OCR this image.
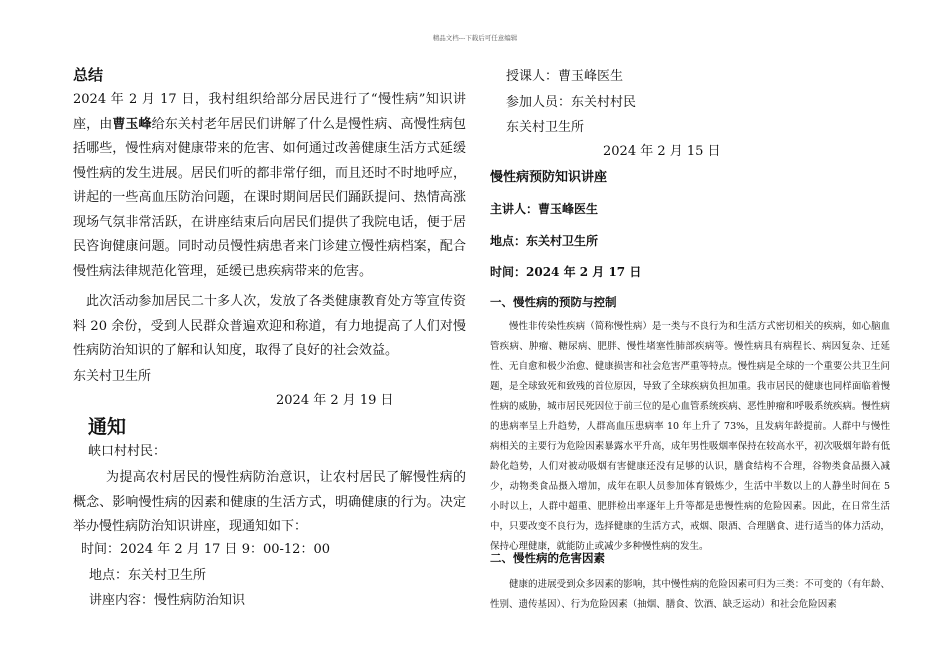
精品文档---下载后可任意编辑
总结

2024 年 2 月 17 日，我村组织给部分居民进行了“慢性病”知识讲座，由曹玉峰给东关村老年居民们讲解了什么是慢性病、高慢性病包括哪些，慢性病对健康带来的危害、如何通过改善健康生活方式延缓慢性病的发生进展。居民们听的都非常仔细，而且还时不时地呼应，讲起的一些高血压防治问题，在课时期间居民们踊跃提问、热情高涨现场气氛非常活跃，在讲座结束后向居民们提供了我院电话，便于居民咨询健康问题。同时动员慢性病患者来门诊建立慢性病档案，配合慢性病法律规范化管理，延缓已患疾病带来的危害。

此次活动参加居民二十多人次，发放了各类健康教育处方等宣传资料 20 余份，受到人民群众普遍欢迎和称道，有力地提高了人们对慢性病防治知识的了解和认知度，取得了良好的社会效益。

东关村卫生所
2024 年 2 月 19 日
通知
峡口村村民：

为提高农村居民的慢性病防治意识，让农村居民了解慢性病的概念、影响慢性病的因素和健康的生活方式，明确健康的行为。决定举办慢性病防治知识讲座，现通知如下：

时间：2024 年 2 月 17 日 9：00-12：00
地点：东关村卫生所
讲座内容：慢性病防治知识
授课人：曹玉峰医生
参加人员：东关村村民
东关村卫生所
2024 年 2 月 15 日
慢性病预防知识讲座
主讲人：曹玉峰医生
地点：东关村卫生所
时间：2024 年 2 月 17 日
一、慢性病的预防与控制

慢性非传染性疾病（简称慢性病）是一类与不良行为和生活方式密切相关的疾病，如心脑血管疾病、肿瘤、糖尿病、肥胖、慢性堵塞性肺部疾病等。慢性病具有病程长、病因复杂、迁延性、无自愈和极少治愈、健康损害和社会危害严重等特点。慢性病是全球的一个重要公共卫生问题，是全球致死和致残的首位原因，导致了全球疾病负担加重。我市居民的健康也同样面临着慢性病的威胁，城市居民死因位于前三位的是心血管系统疾病、恶性肿瘤和呼吸系统疾病。慢性病的患病率呈上升趋势，人群高血压患病率 10 年上升了 73%，且发病年龄提前。人群中与慢性病相关的主要行为危险因素暴露水平升高，成年男性吸烟率保持在较高水平，初次吸烟年龄有低龄化趋势，人们对被动吸烟有害健康还没有足够的认识，膳食结构不合理，谷物类食品摄入减少，动物类食品摄入增加，成年在职人员参加体育锻炼少，生活中半数以上的人静坐时间在 5 小时以上，人群中超重、肥胖检出率逐年上升等都是患慢性病的危险因素。因此，在日常生活中，只要改变不良行为，选择健康的生活方式，戒烟、限酒、合理膳食、进行适当的体力活动，保持心理健康，就能防止或减少多种慢性病的发生。

二、慢性病的危害因素

健康的进展受到众多因素的影响，其中慢性病的危险因素可归为三类：不可变的（有年龄、性别、遗传基因）、行为危险因素（抽烟、膳食、饮酒、缺乏运动）和社会危险因素
